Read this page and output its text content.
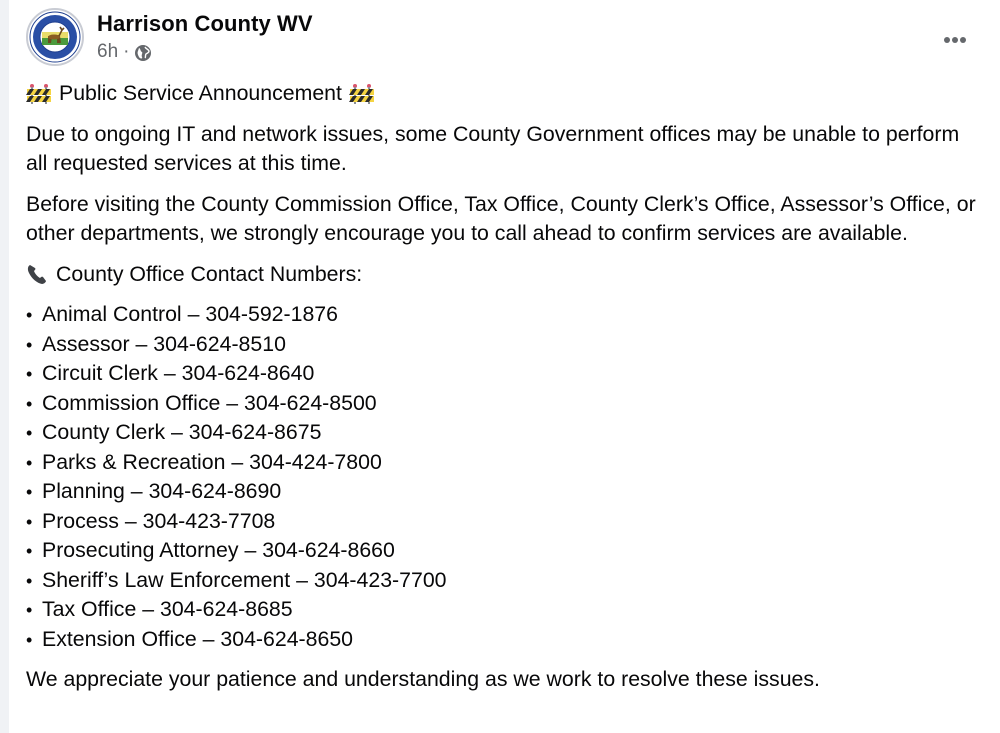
Harrison County WV
6h ·

Public Service Announcement

Due to ongoing IT and network issues, some County Government offices may be unable to perform all requested services at this time.

Before visiting the County Commission Office, Tax Office, County Clerk’s Office, Assessor’s Office, or other departments, we strongly encourage you to call ahead to confirm services are available.

County Office Contact Numbers:

• Animal Control – 304-592-1876
• Assessor – 304-624-8510
• Circuit Clerk – 304-624-8640
• Commission Office – 304-624-8500
• County Clerk – 304-624-8675
• Parks & Recreation – 304-424-7800
• Planning – 304-624-8690
• Process – 304-423-7708
• Prosecuting Attorney – 304-624-8660
• Sheriff’s Law Enforcement – 304-423-7700
• Tax Office – 304-624-8685
• Extension Office – 304-624-8650

We appreciate your patience and understanding as we work to resolve these issues.
